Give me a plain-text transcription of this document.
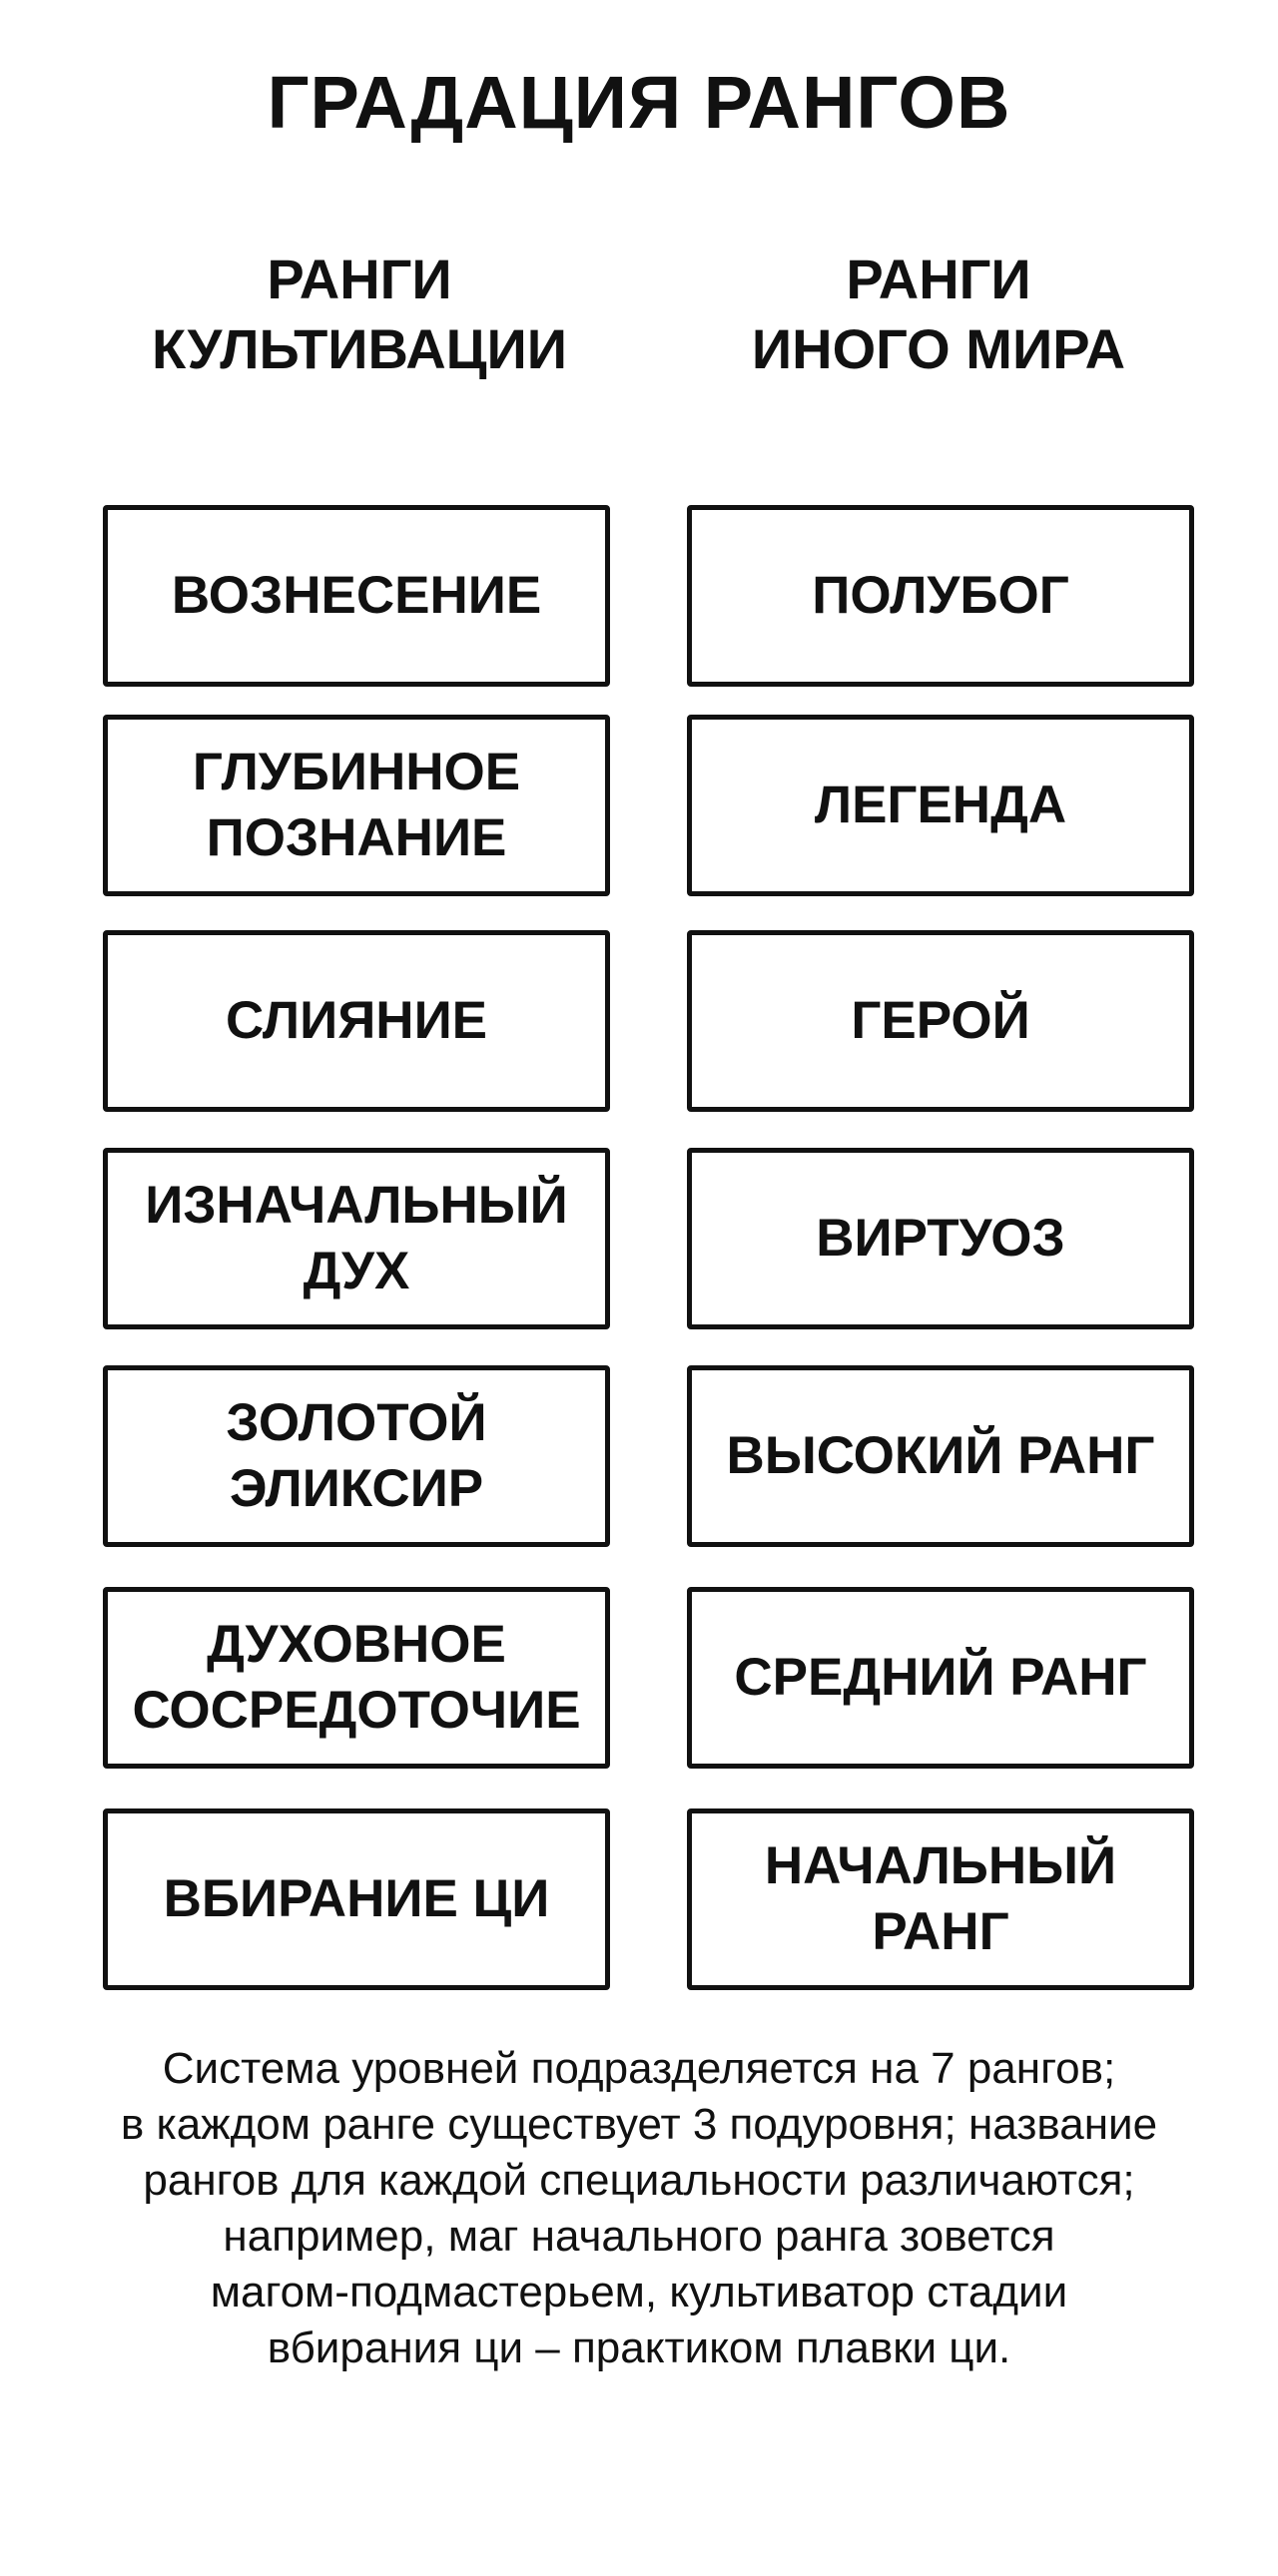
ГРАДАЦИЯ РАНГОВ
РАНГИ
КУЛЬТИВАЦИИ
РАНГИ
ИНОГО МИРА
ВОЗНЕСЕНИЕ
ГЛУБИННОЕ
ПОЗНАНИЕ
СЛИЯНИЕ
ИЗНАЧАЛЬНЫЙ
ДУХ
ЗОЛОТОЙ
ЭЛИКСИР
ДУХОВНОЕ
СОСРЕДОТОЧИЕ
ВБИРАНИЕ ЦИ
ПОЛУБОГ
ЛЕГЕНДА
ГЕРОЙ
ВИРТУОЗ
ВЫСОКИЙ РАНГ
СРЕДНИЙ РАНГ
НАЧАЛЬНЫЙ
РАНГ
Система уровней подразделяется на 7 рангов;
в каждом ранге существует 3 подуровня; название
рангов для каждой специальности различаются;
например, маг начального ранга зовется
магом-подмастерьем, культиватор стадии
вбирания ци – практиком плавки ци.
